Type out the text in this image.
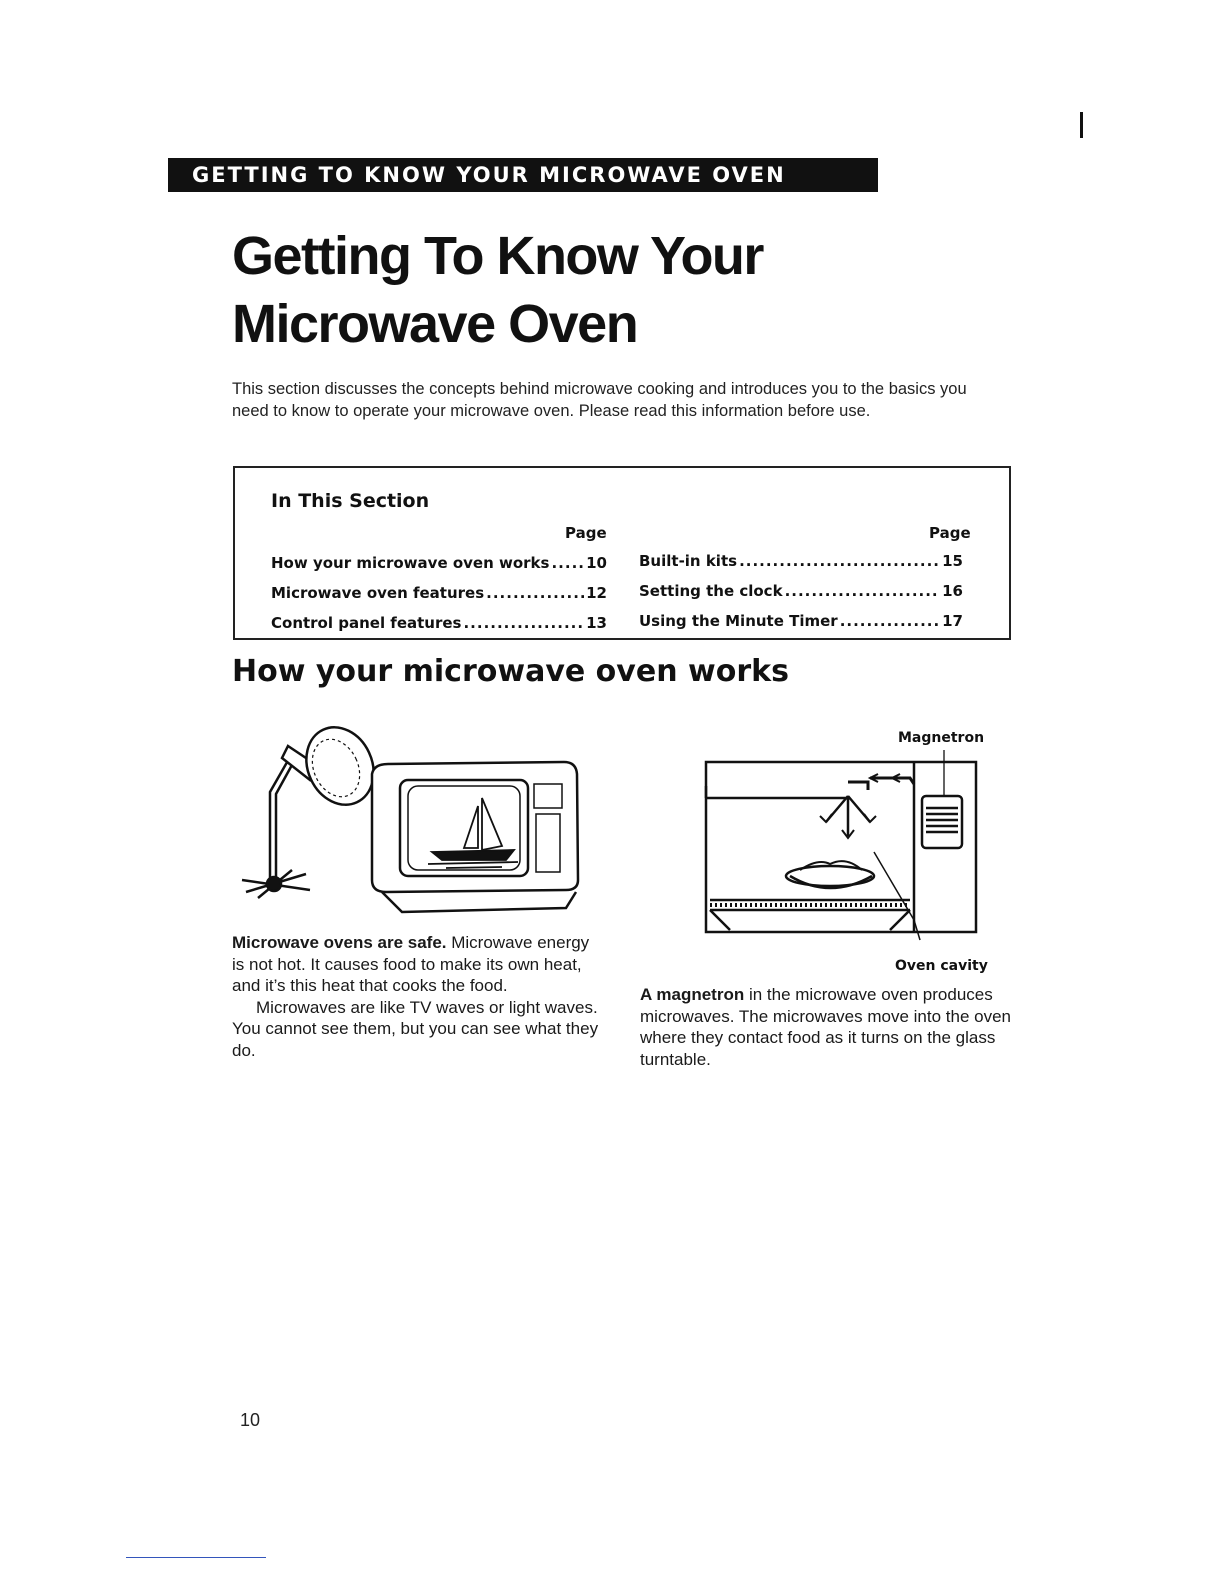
GETTING TO KNOW YOUR MICROWAVE OVEN
Getting To Know Your
Microwave Oven

This section discusses the concepts behind microwave cooking and introduces you to the basics you need to know to operate your microwave oven. Please read this information before use.

In This Section
Page	Page
How your microwave oven works ..... 10
Microwave oven features .....	12
Control panel features .....	13
Built-in kits .....	15
Setting the clock .....	16
Using the Minute Timer .....	17
How your microwave oven works
Magnetron
Oven cavity

Microwave ovens are safe. Microwave energy is not hot. It causes food to make its own heat, and it’s this heat that cooks the food.
Microwaves are like TV waves or light waves. You cannot see them, but you can see what they do.

A magnetron in the microwave oven produces microwaves. The microwaves move into the oven where they contact food as it turns on the glass turntable.

10
